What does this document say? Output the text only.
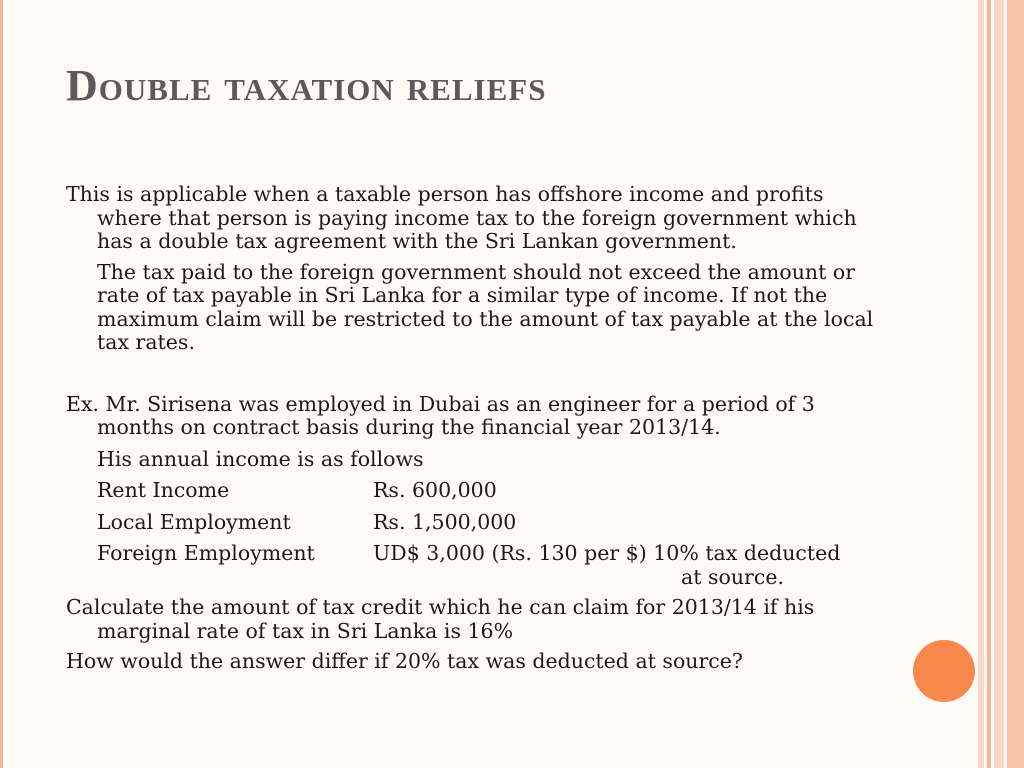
Double taxation reliefs

This is applicable when a taxable person has offshore income and profits where that person is paying income tax to the foreign government which has a double tax agreement with the Sri Lankan government.

The tax paid to the foreign government should not exceed the amount or rate of tax payable in Sri Lanka for a similar type of income. If not the maximum claim will be restricted to the amount of tax payable at the local tax rates.

Ex. Mr. Sirisena was employed in Dubai as an engineer for a period of 3 months on contract basis during the financial year 2013/14.

His annual income is as follows

Rent Income	Rs. 600,000
Local Employment	Rs. 1,500,000
Foreign Employment	UD$ 3,000 (Rs. 130 per $) 10% tax deducted

at source.

Calculate the amount of tax credit which he can claim for 2013/14 if his marginal rate of tax in Sri Lanka is 16%

How would the answer differ if 20% tax was deducted at source?
